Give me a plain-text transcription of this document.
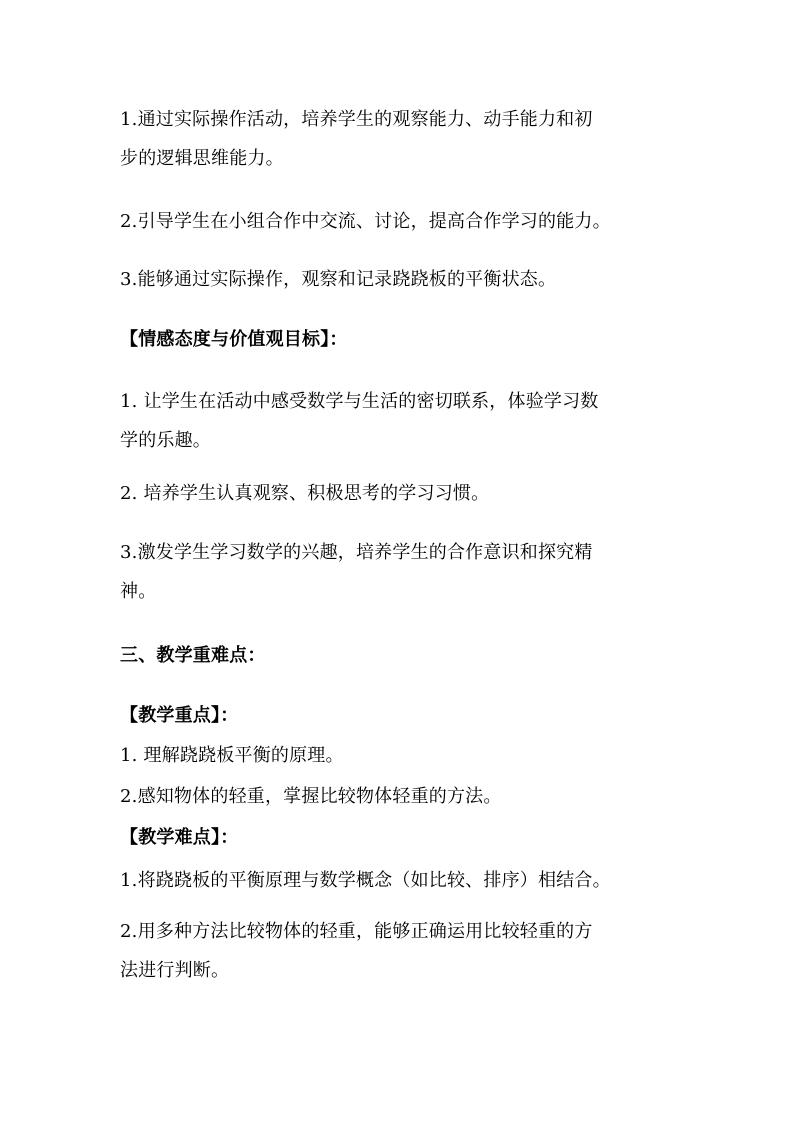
1.通过实际操作活动，培养学生的观察能力、动手能力和初
步的逻辑思维能力。
2.引导学生在小组合作中交流、讨论，提高合作学习的能力。
3.能够通过实际操作，观察和记录跷跷板的平衡状态。
【情感态度与价值观目标】：
1. 让学生在活动中感受数学与生活的密切联系，体验学习数
学的乐趣。
2. 培养学生认真观察、积极思考的学习习惯。
3.激发学生学习数学的兴趣，培养学生的合作意识和探究精
神。
三、教学重难点：
【教学重点】：
1. 理解跷跷板平衡的原理。
2.感知物体的轻重，掌握比较物体轻重的方法。
【教学难点】：
1.将跷跷板的平衡原理与数学概念（如比较、排序）相结合。
2.用多种方法比较物体的轻重，能够正确运用比较轻重的方
法进行判断。
